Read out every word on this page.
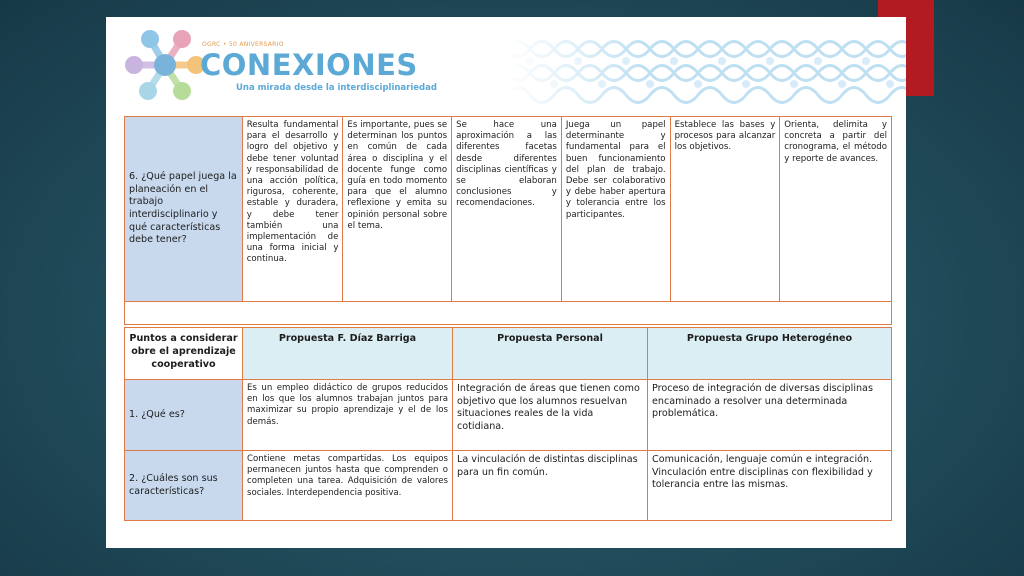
OGRC • 50 ANIVERSARIO
CONEXIONES
Una mirada desde la interdisciplinariedad
6. ¿Qué papel juega la planeación en el trabajo interdisciplinario y qué características debe tener?
Resulta fundamental para el desarrollo y logro del objetivo y debe tener voluntad y responsabilidad de una acción política, rigurosa, coherente, estable y duradera, y debe tener también una implementación de una forma inicial y continua.
Es importante, pues se determinan los puntos en común de cada área o disciplina y el docente funge como guía en todo momento para que el alumno reflexione y emita su opinión personal sobre el tema.
Se hace una aproximación a las diferentes facetas desde diferentes disciplinas científicas y se elaboran conclusiones y recomendaciones.
Juega un papel determinante y fundamental para el buen funcionamiento del plan de trabajo. Debe ser colaborativo y debe haber apertura y tolerancia entre los participantes.
Establece las bases y procesos para alcanzar los objetivos.
Orienta, delimita y concreta a partir del cronograma, el método y reporte de avances.
Puntos a considerar obre el aprendizaje cooperativo
Propuesta F. Díaz Barriga	Propuesta Personal	Propuesta Grupo Heterogéneo
1. ¿Qué es?
Es un empleo didáctico de grupos reducidos en los que los alumnos trabajan juntos para maximizar su propio aprendizaje y el de los demás.
Integración de áreas que tienen como objetivo que los alumnos resuelvan situaciones reales de la vida cotidiana.
Proceso de integración de diversas disciplinas encaminado a resolver una determinada problemática.
2. ¿Cuáles son sus características?
Contiene metas compartidas. Los equipos permanecen juntos hasta que comprenden o completen una tarea. Adquisición de valores sociales. Interdependencia positiva.
La vinculación de distintas disciplinas para un fin común.
Comunicación, lenguaje común e integración. Vinculación entre disciplinas con flexibilidad y tolerancia entre las mismas.
